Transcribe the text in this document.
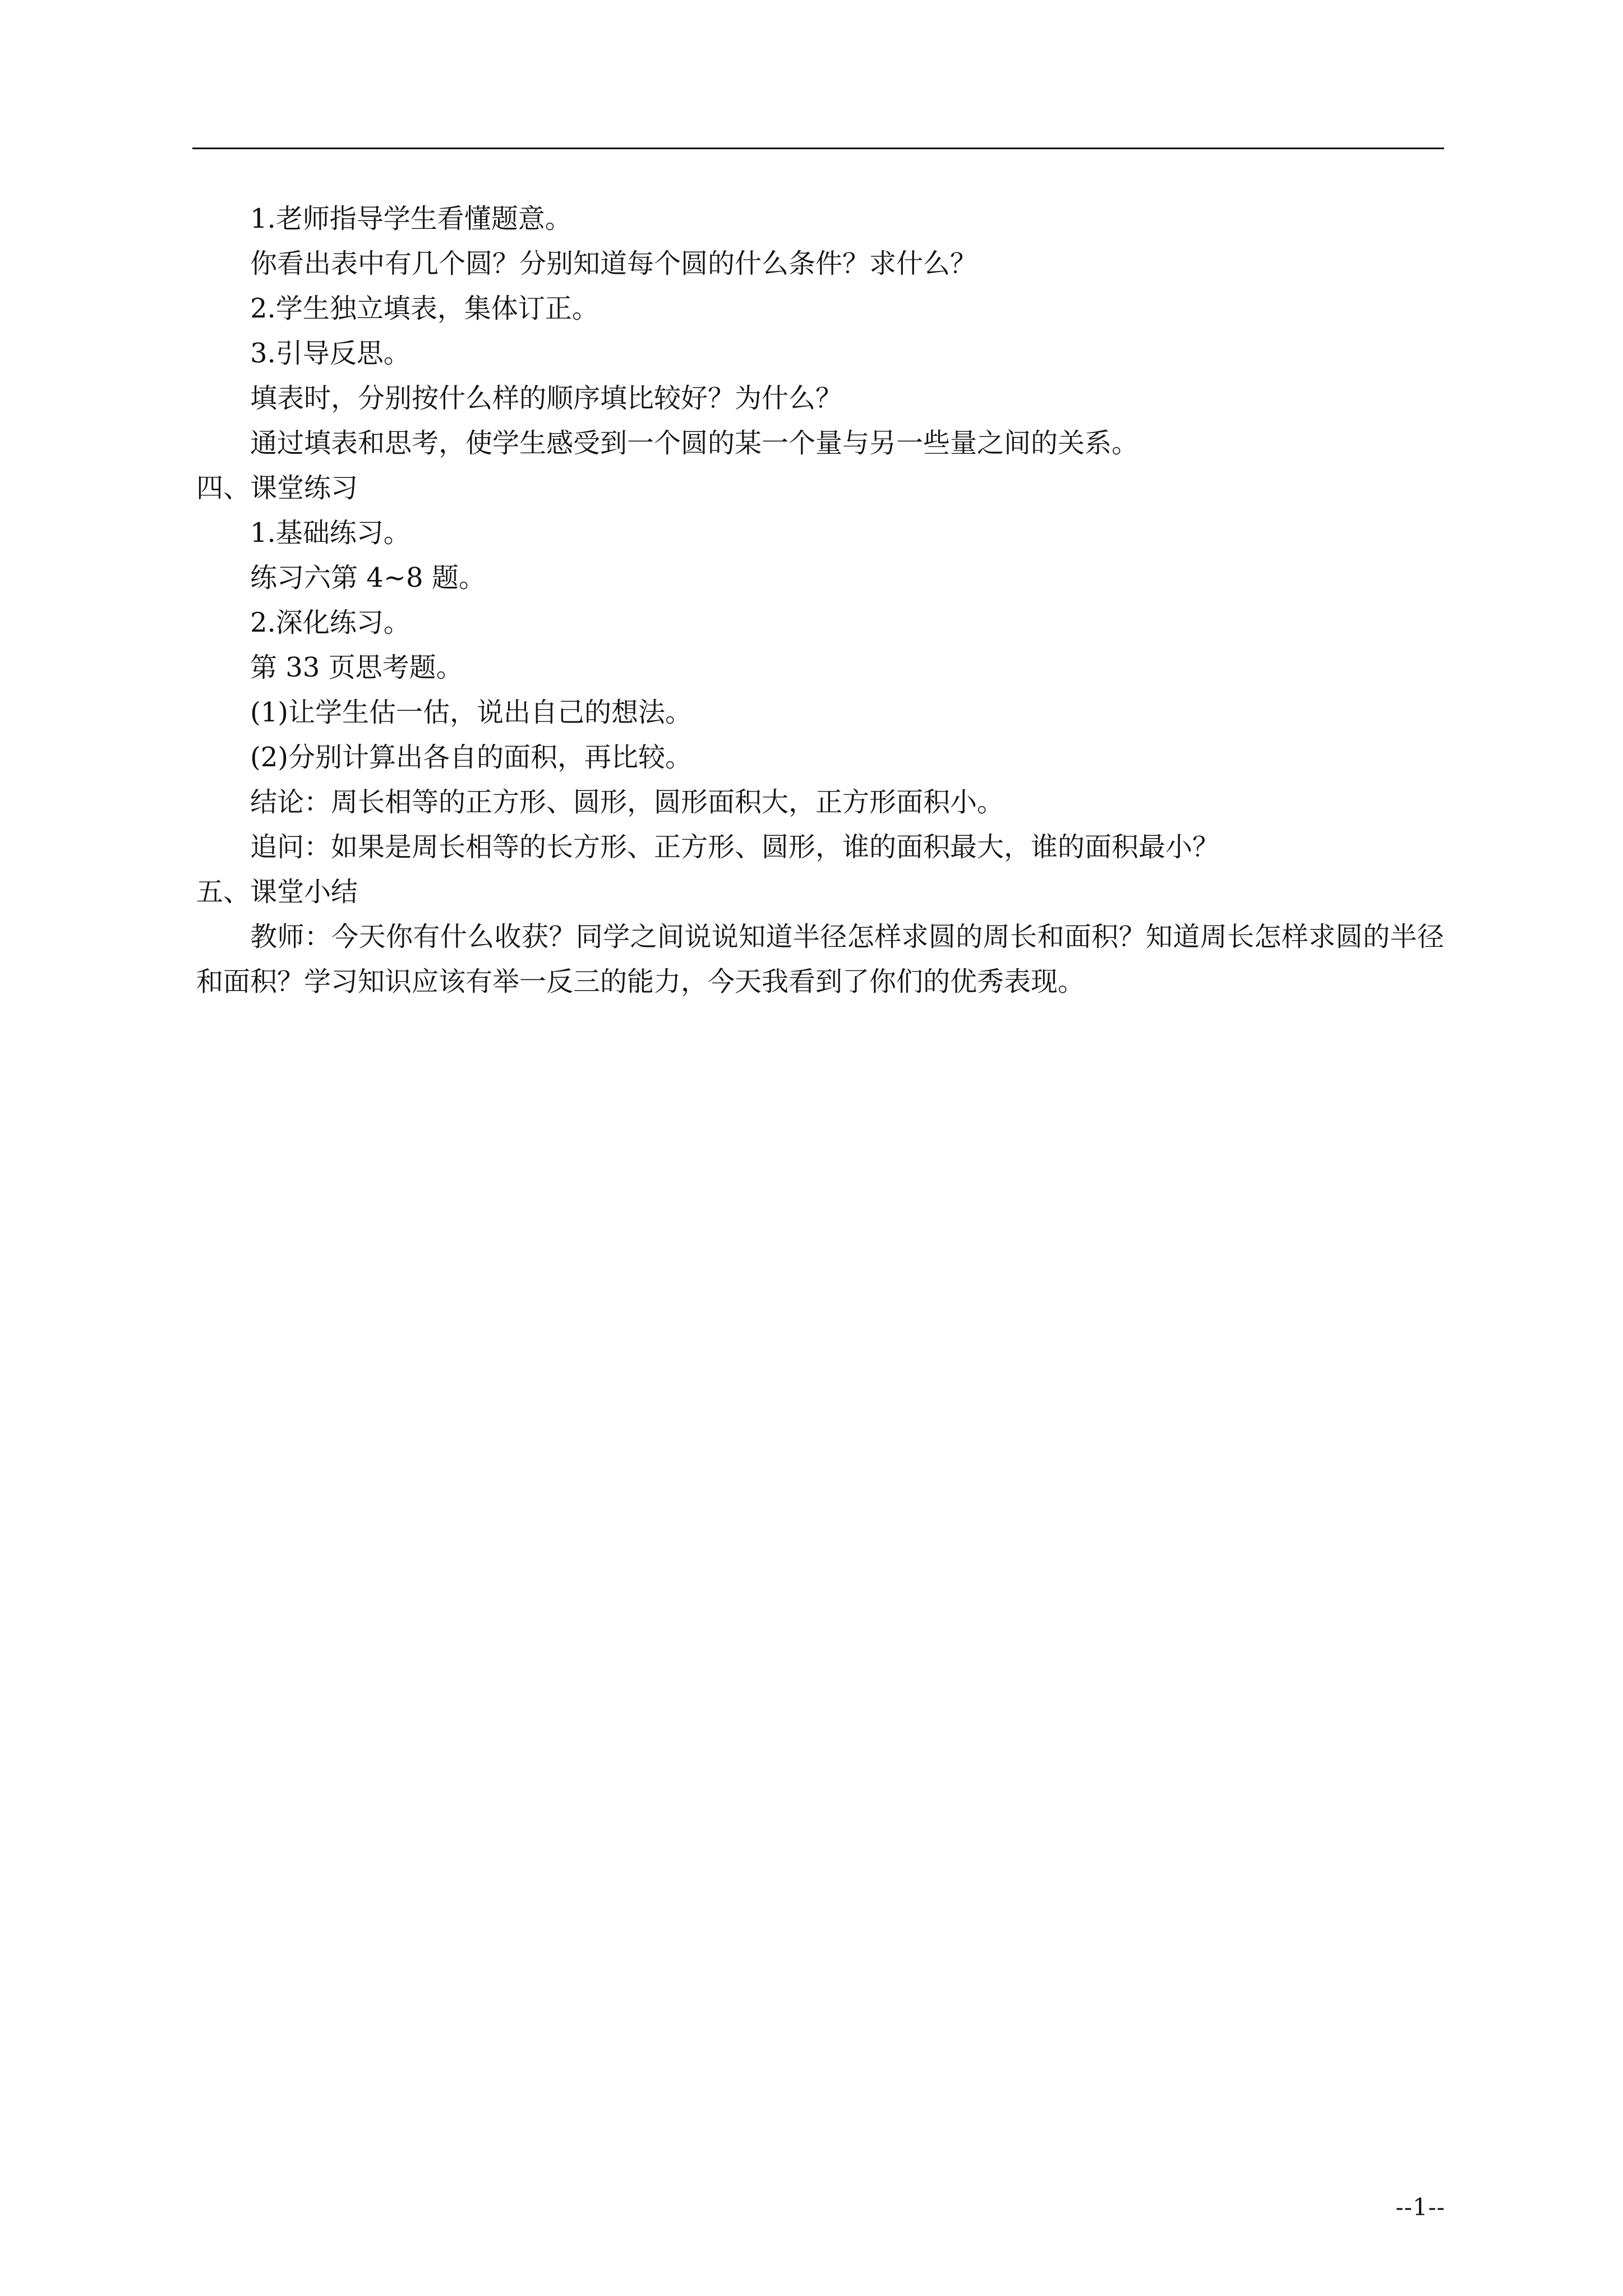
1.老师指导学生看懂题意。

你看出表中有几个圆？分别知道每个圆的什么条件？求什么？

2.学生独立填表，集体订正。

3.引导反思。

填表时，分别按什么样的顺序填比较好？为什么？

通过填表和思考，使学生感受到一个圆的某一个量与另一些量之间的关系。

四、课堂练习

1.基础练习。

练习六第 4~8 题。

2.深化练习。

第 33 页思考题。

(1)让学生估一估，说出自己的想法。

(2)分别计算出各自的面积，再比较。

结论：周长相等的正方形、圆形，圆形面积大，正方形面积小。

追问：如果是周长相等的长方形、正方形、圆形，谁的面积最大，谁的面积最小？

五、课堂小结

教师：今天你有什么收获？同学之间说说知道半径怎样求圆的周长和面积？知道周长怎样求圆的半径和面积？学习知识应该有举一反三的能力，今天我看到了你们的优秀表现。

--1--
